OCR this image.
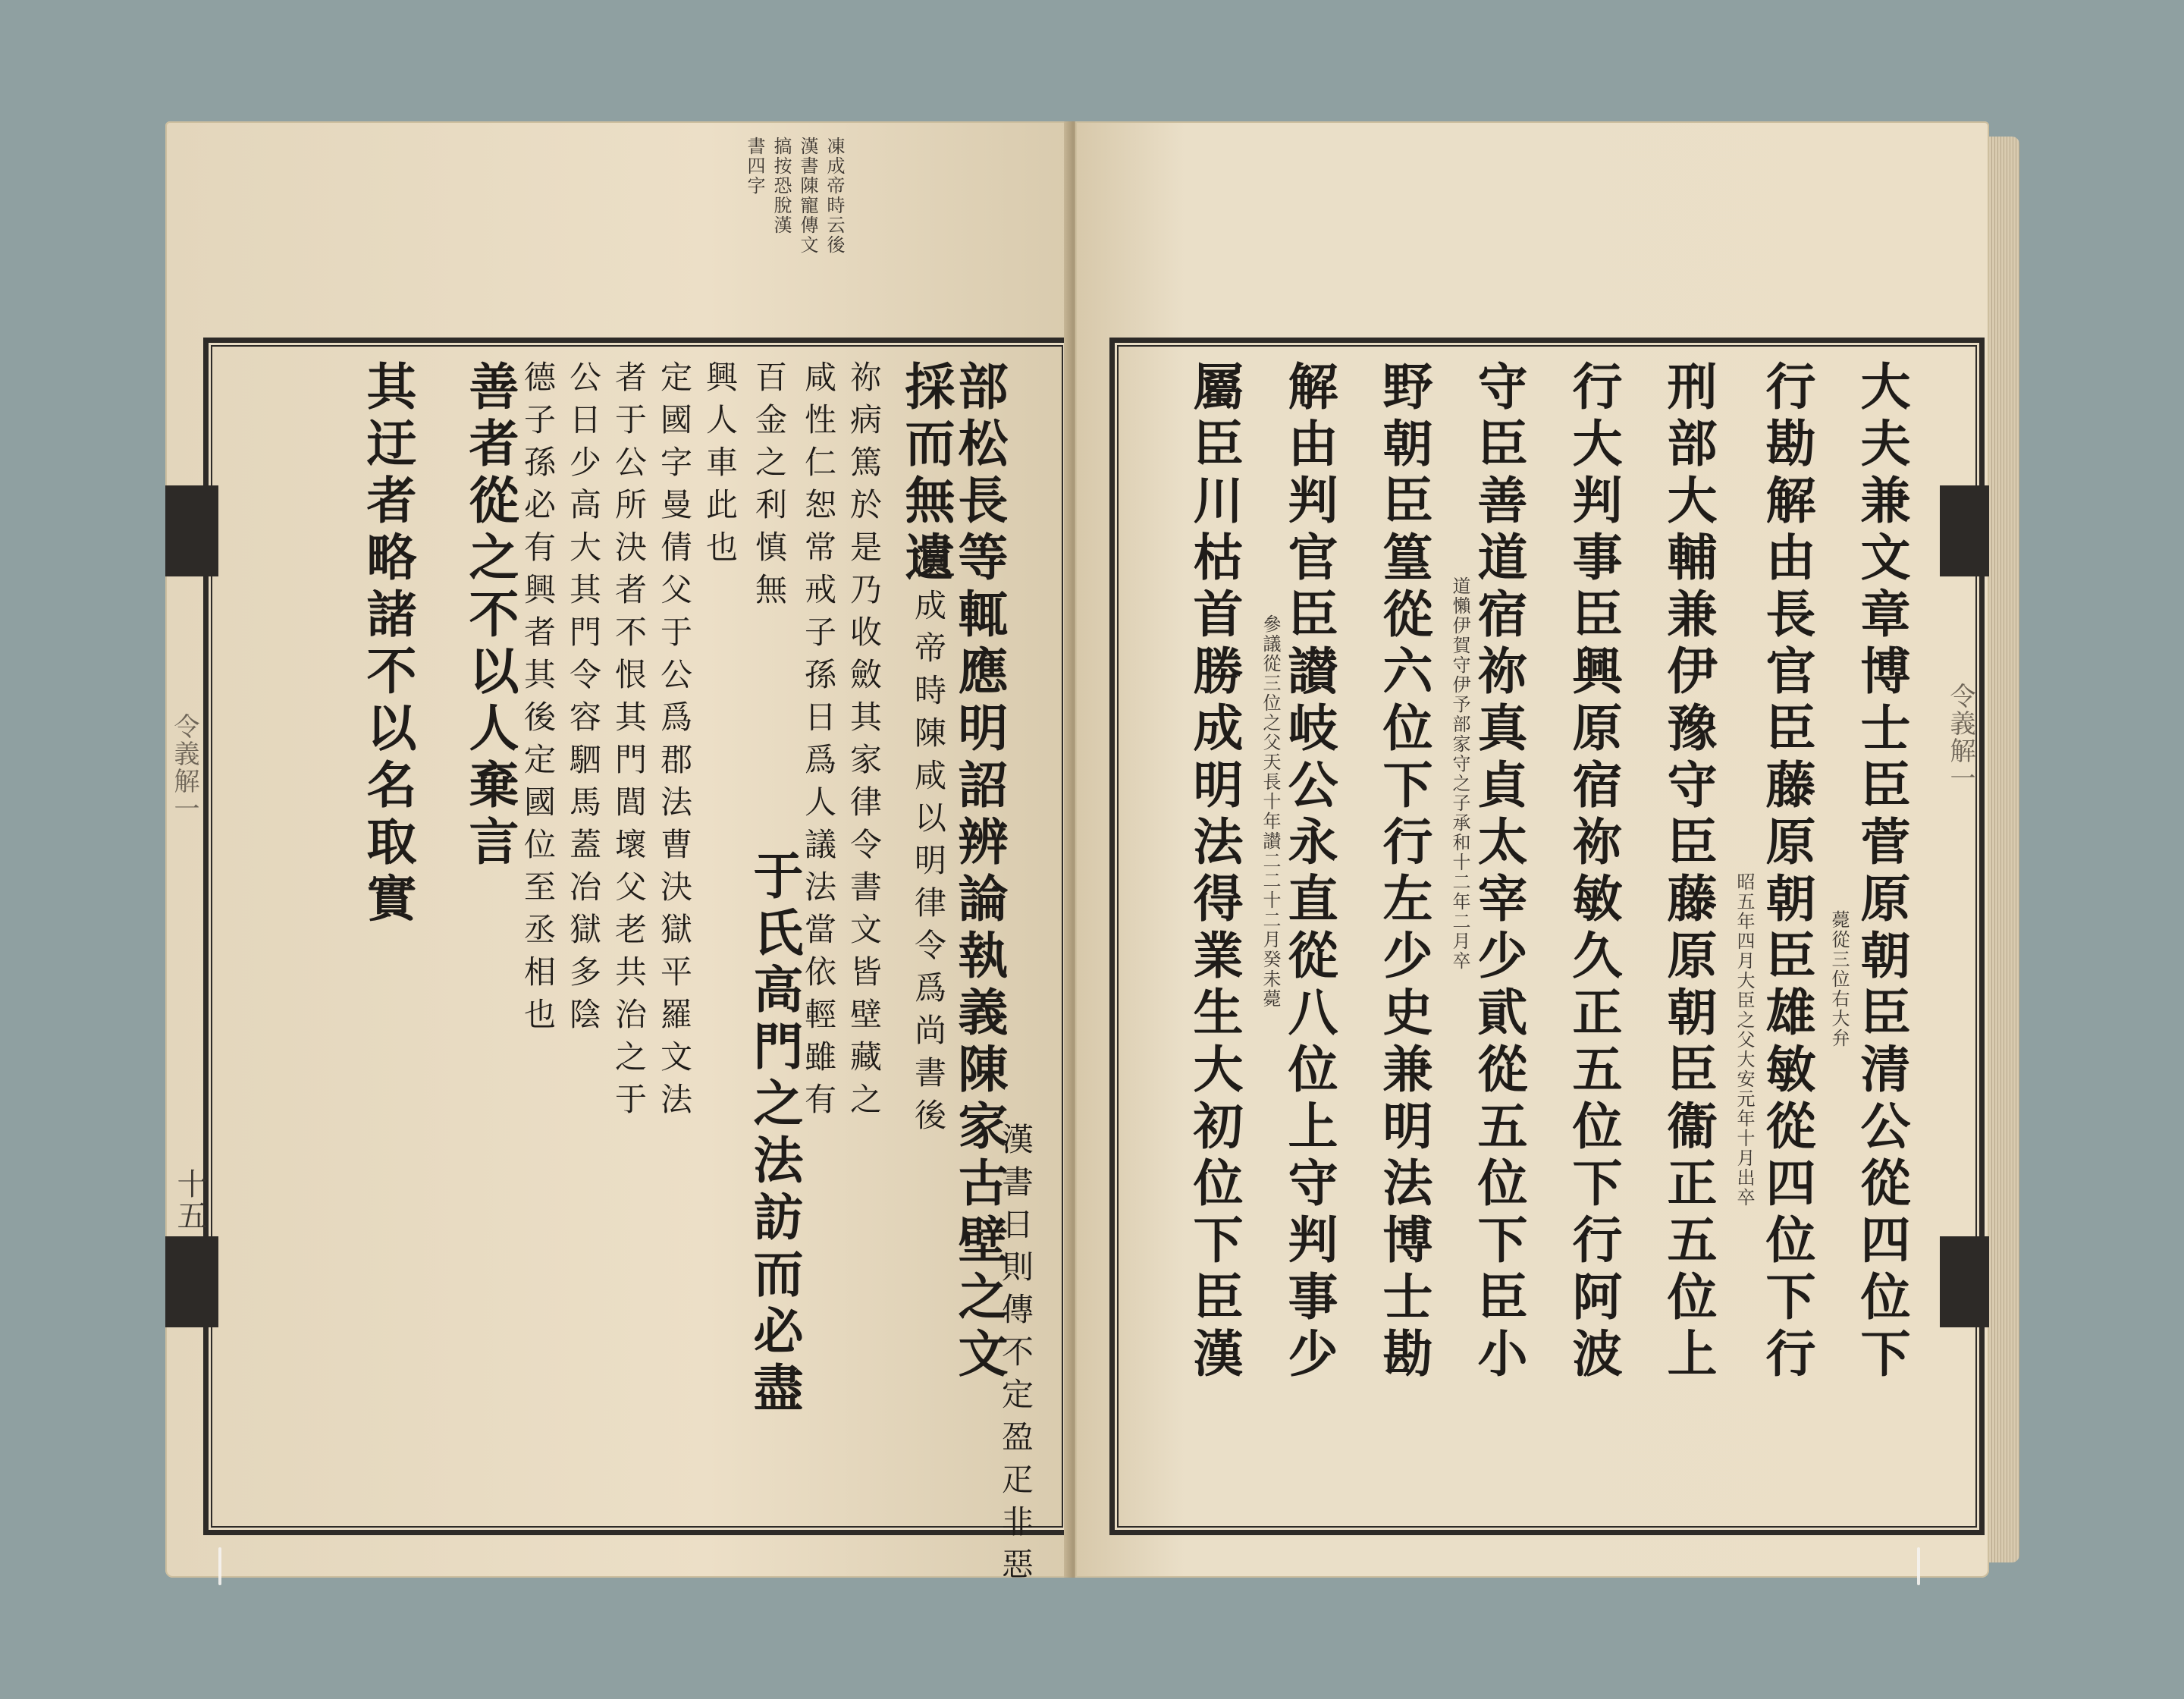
凍成帝時云後
漢書陳寵傳文
搞按恐脫漢
書四字
令義解一
十五	漢書日則傳不定盈疋非惡
部松長等輒應明詔辨論執義陳家古壁之文
漢成帝時陳咸以明律令爲尚書後
採而無遺
祢病篤於是乃收斂其家律令書文皆壁藏之
咸性仁恕常戒子孫日爲人議法當依輕雖有
于氏高門之法訪而必盡
百金之利慎無
興人車此也
定國字曼倩父于公爲郡法曹決獄平羅文法
者于公所決者不恨其門閭壞父老共治之于
公日少高大其門令容駟馬蓋冶獄多陰
德子孫必有興者其後定國位至丞相也
善者從之不以人棄言
其迂者略諸不以名取實	令義解一
大夫兼文章博士臣菅原朝臣清公從四位下
行勘解由長官臣藤原朝臣雄敏從四位下行
刑部大輔兼伊豫守臣藤原朝臣衞正五位上
行大判事臣興原宿祢敏久正五位下行阿波
守臣善道宿祢真貞太宰少貮從五位下臣小
野朝臣篁從六位下行左少史兼明法博士勘
解由判官臣讃岐公永直從八位上守判事少
屬臣川枯首勝成明法得業生大初位下臣漢	薨從三位右大弁
昭五年四月大臣之父大安元年十月出卒
道懶伊賀守伊予部家守之子承和十二年二月卒
參議從三位之父天長十年讃二二十二月癸未薨
